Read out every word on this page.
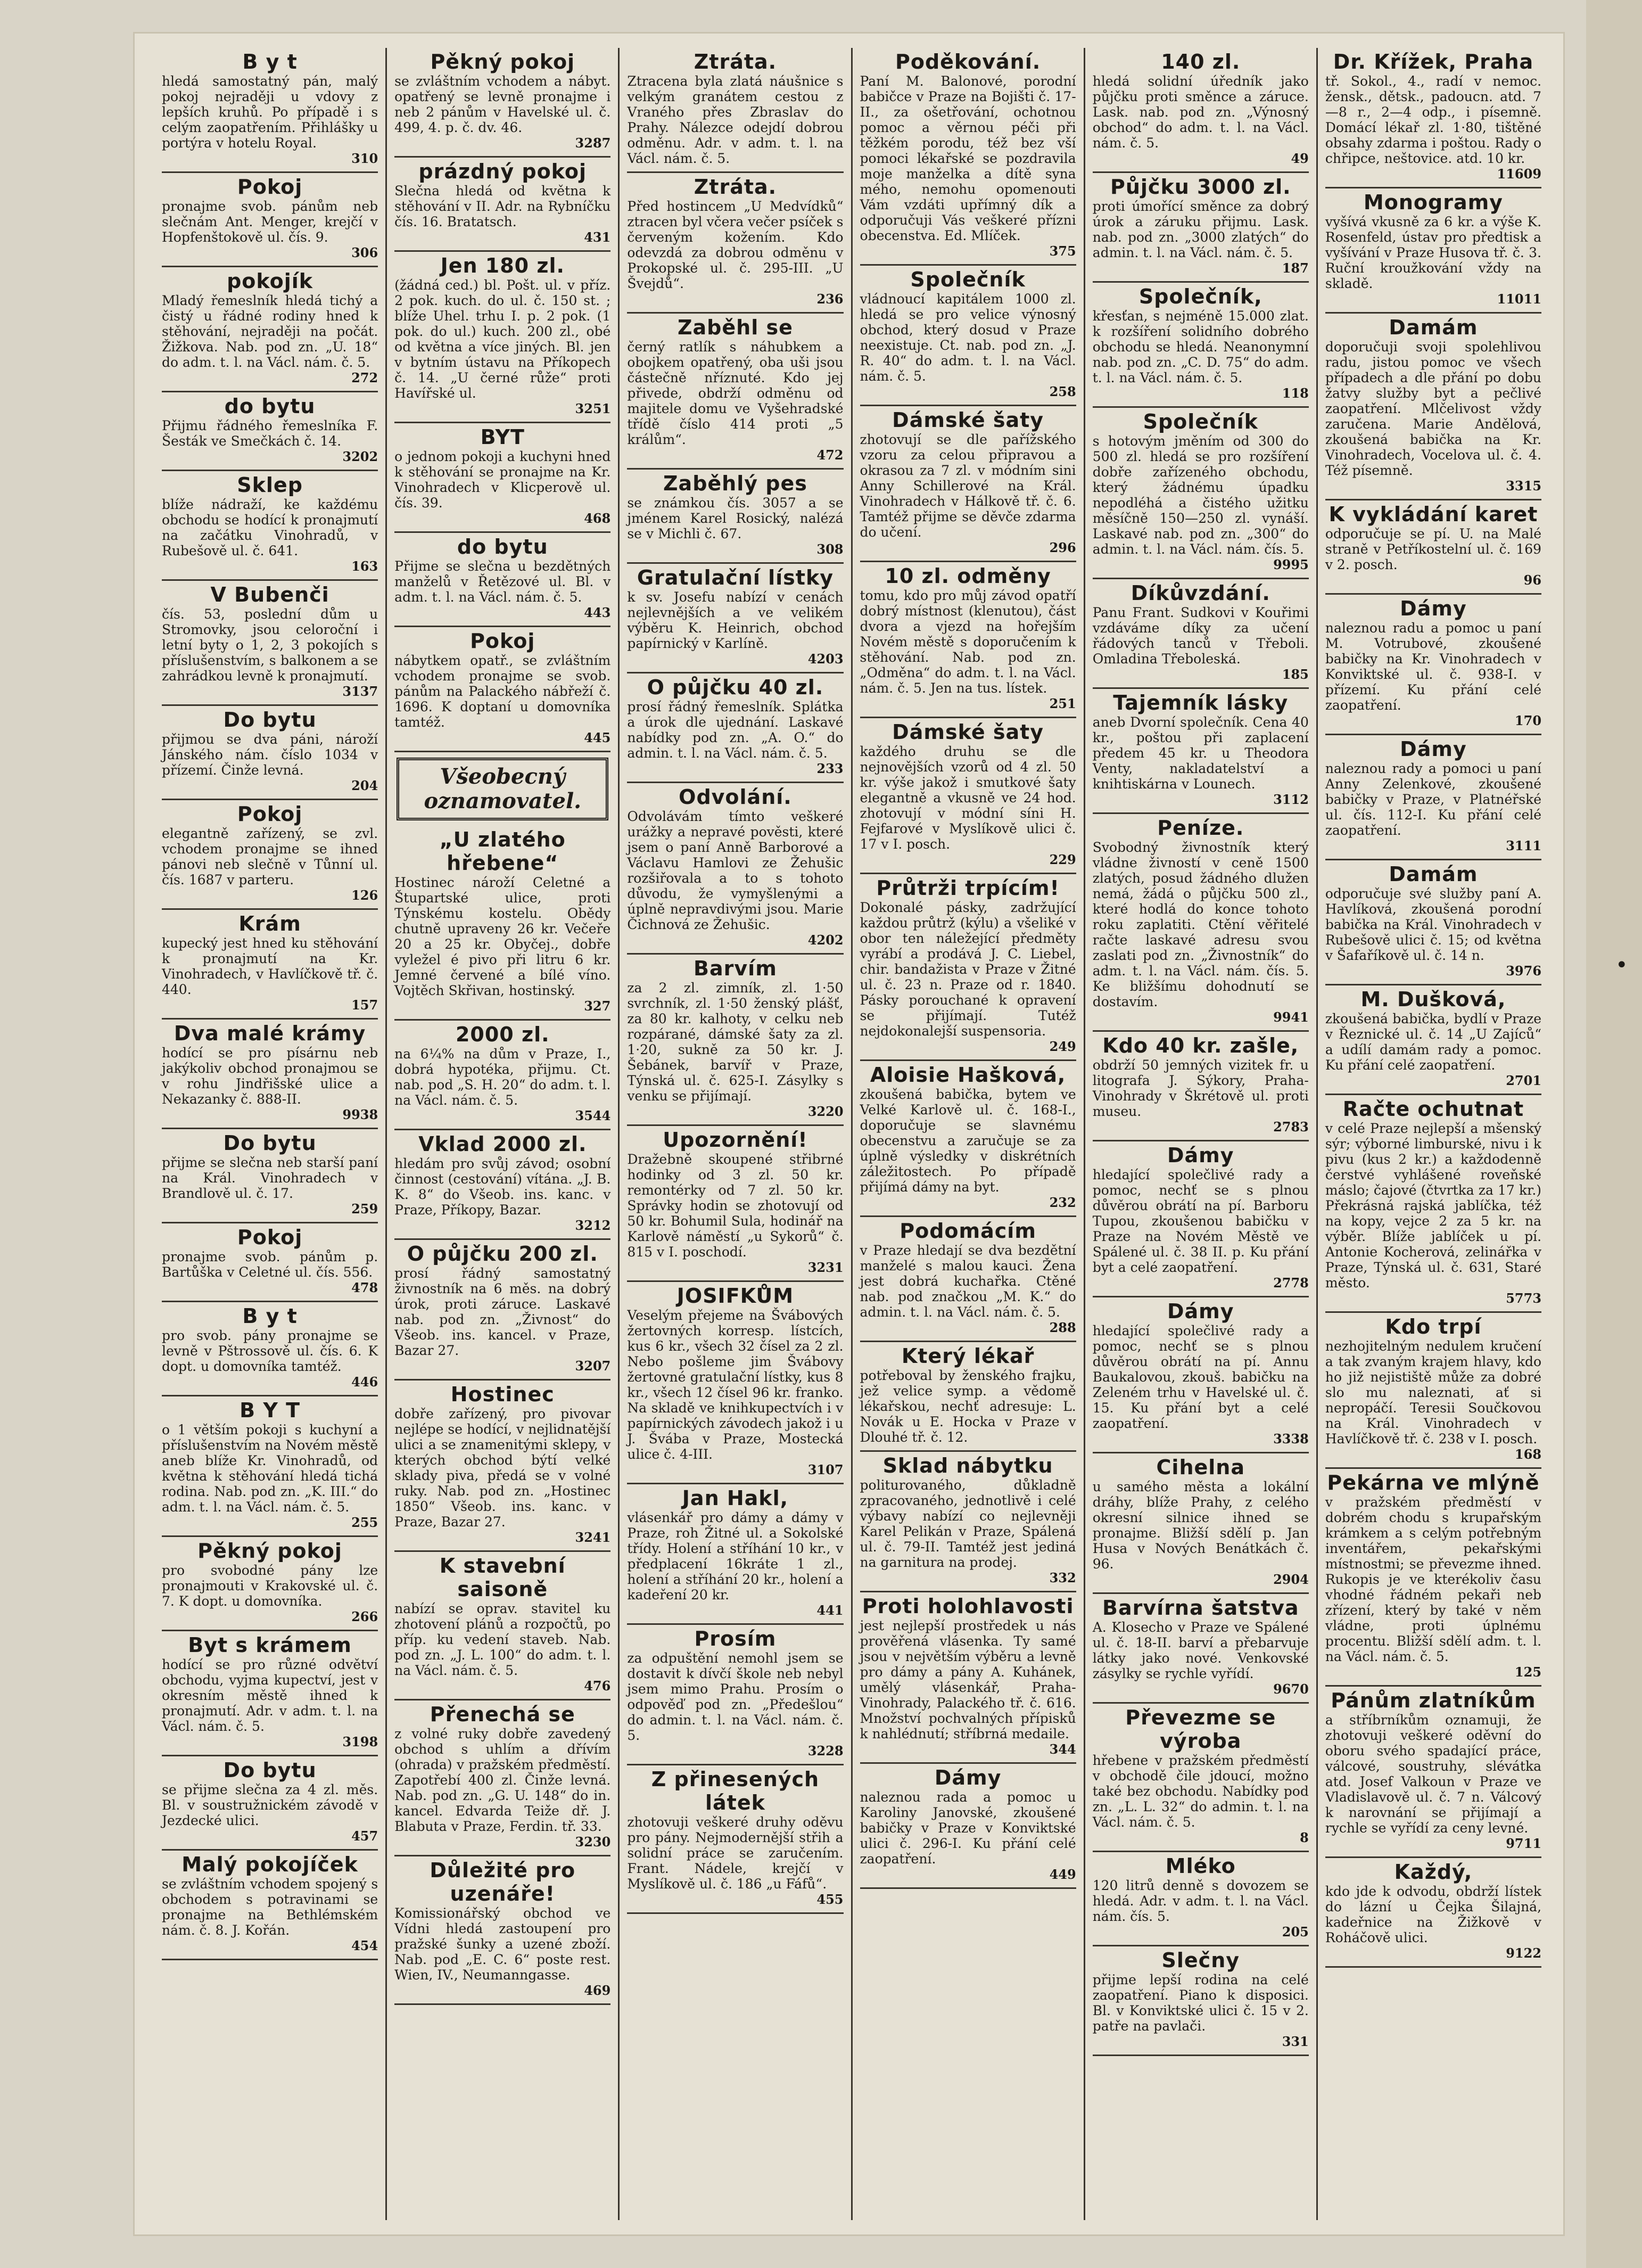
B y t

hledá samostatný pán, malý pokoj nejraději u vdovy z lepších kruhů. Po případě i s celým zaopatřením. Přihlášky u portýra v hotelu Royal.

310
Pokoj

pronajme svob. pánům neb slečnám Ant. Menger, krejčí v Hopfenštokově ul. čís. 9.

306
pokojík

Mladý řemeslník hledá tichý a čistý u řádné rodiny hned k stěhování, nejraději na počát. Žižkova. Nab. pod zn. „U. 18“ do adm. t. l. na Václ. nám. č. 5.

272
do bytu

Přijmu řádného řemeslníka F. Šesták ve Smečkách č. 14.

3202
Sklep

blíže nádraží, ke každému obchodu se hodící k pronajmutí na začátku Vinohradů, v Rubešově ul. č. 641.

163
V Bubenči

čís. 53, poslední dům u Stromovky, jsou celoroční i letní byty o 1, 2, 3 pokojích s příslušenstvím, s balkonem a se zahrádkou levně k pronajmutí.

3137
Do bytu

přijmou se dva páni, nároží Jánského nám. číslo 1034 v přízemí. Činže levná.

204
Pokoj

elegantně zařízený, se zvl. vchodem pronajme se ihned pánovi neb slečně v Tůnní ul. čís. 1687 v parteru.

126
Krám

kupecký jest hned ku stěhování k pronajmutí na Kr. Vinohradech, v Havlíčkově tř. č. 440.

157
Dva malé krámy

hodící se pro písárnu neb jakýkoliv obchod pronajmou se v rohu Jindřišské ulice a Nekazanky č. 888-II.

9938
Do bytu

přijme se slečna neb starší paní na Král. Vinohradech v Brandlově ul. č. 17.

259
Pokoj

pronajme svob. pánům p. Bartůška v Celetné ul. čís. 556.

478
B y t

pro svob. pány pronajme se levně v Pštrossově ul. čís. 6. K dopt. u domovníka tamtéž.

446
B Y T

o 1 větším pokoji s kuchyní a příslušenstvím na Novém městě aneb blíže Kr. Vinohradů, od května k stěhování hledá tichá rodina. Nab. pod zn. „K. III.“ do adm. t. l. na Václ. nám. č. 5.

255
Pěkný pokoj

pro svobodné pány lze pronajmouti v Krakovské ul. č. 7. K dopt. u domovníka.

266
Byt s krámem

hodící se pro různé odvětví obchodu, vyjma kupectví, jest v okresním městě ihned k pronajmutí. Adr. v adm. t. l. na Václ. nám. č. 5.

3198
Do bytu

se přijme slečna za 4 zl. měs. Bl. v soustružnickém závodě v Jezdecké ulici.

457
Malý pokojíček

se zvláštním vchodem spojený s obchodem s potravinami se pronajme na Bethlémském nám. č. 8. J. Kořán.

454
Pěkný pokoj

se zvláštním vchodem a nábyt. opatřený se levně pronajme i neb 2 pánům v Havelské ul. č. 499, 4. p. č. dv. 46.

3287
prázdný pokoj

Slečna hledá od května k stěhování v II. Adr. na Rybníčku čís. 16. Bratatsch.

431
Jen 180 zl.

(žádná ced.) bl. Pošt. ul. v příz. 2 pok. kuch. do ul. č. 150 st. ; blíže Uhel. trhu I. p. 2 pok. (1 pok. do ul.) kuch. 200 zl., obé od května a více jiných. Bl. jen v bytním ústavu na Příkopech č. 14. „U černé růže“ proti Havířské ul.

3251
BYT

o jednom pokoji a kuchyni hned k stěhování se pronajme na Kr. Vinohradech v Klicperově ul. čís. 39.

468
do bytu

Přijme se slečna u bezdětných manželů v Řetězové ul. Bl. v adm. t. l. na Václ. nám. č. 5.

443
Pokoj

nábytkem opatř., se zvláštním vchodem pronajme se svob. pánům na Palackého nábřeží č. 1696. K doptaní u domovníka tamtéž.

445
Všeobecný oznamovatel.
„U zlatého hřebene“

Hostinec nároží Celetné a Štupartské ulice, proti Týnskému kostelu. Obědy chutně upraveny 26 kr. Večeře 20 a 25 kr. Obyčej., dobře vyležel é pivo při litru 6 kr. Jemné červené a bílé víno. Vojtěch Skřivan, hostinský.

327
2000 zl.

na 6¼% na dům v Praze, I., dobrá hypotéka, přijmu. Ct. nab. pod „S. H. 20“ do adm. t. l. na Václ. nám. č. 5.

3544
Vklad 2000 zl.

hledám pro svůj závod; osobní činnost (cestování) vítána. „J. B. K. 8“ do Všeob. ins. kanc. v Praze, Příkopy, Bazar.

3212
O půjčku 200 zl.

prosí řádný samostatný živnostník na 6 měs. na dobrý úrok, proti záruce. Laskavé nab. pod zn. „Živnost“ do Všeob. ins. kancel. v Praze, Bazar 27.

3207
Hostinec

dobře zařízený, pro pivovar nejlépe se hodící, v nejlidnatější ulici a se znamenitými sklepy, v kterých obchod býtí velké sklady piva, předá se v volné ruky. Nab. pod zn. „Hostinec 1850“ Všeob. ins. kanc. v Praze, Bazar 27.

3241
K stavební saisoně

nabízí se oprav. stavitel ku zhotovení plánů a rozpočtů, po příp. ku vedení staveb. Nab. pod zn. „J. L. 100“ do adm. t. l. na Václ. nám. č. 5.

476
Přenechá se

z volné ruky dobře zavedený obchod s uhlím a dřívím (ohrada) v pražském předměstí. Zapotřebí 400 zl. Činže levná. Nab. pod zn. „G. U. 148“ do in. kancel. Edvarda Teiže dř. J. Blabuta v Praze, Ferdin. tř. 33.

3230
Důležité pro uzenáře!

Komissionářský obchod ve Vídni hledá zastoupení pro pražské šunky a uzené zboží. Nab. pod „E. C. 6“ poste rest. Wien, IV., Neumanngasse.

469
Ztráta.

Ztracena byla zlatá náušnice s velkým granátem cestou z Vraného přes Zbraslav do Prahy. Nálezce odejdí dobrou odměnu. Adr. v adm. t. l. na Václ. nám. č. 5.

Ztráta.

Před hostincem „U Medvídků“ ztracen byl včera večer psíček s červeným kožením. Kdo odevzdá za dobrou odměnu v Prokopské ul. č. 295-III. „U Švejdů“.

236
Zaběhl se

černý ratlík s náhubkem a obojkem opatřený, oba uši jsou částečně nříznuté. Kdo jej přivede, obdrží odměnu od majitele domu ve Vyšehradské třídě číslo 414 proti „5 králům“.

472
Zaběhlý pes

se známkou čís. 3057 a se jménem Karel Rosický, nalézá se v Michli č. 67.

308
Gratulační lístky

k sv. Josefu nabízí v cenách nejlevnějších a ve velikém výběru K. Heinrich, obchod papírnický v Karlíně.

4203
O půjčku 40 zl.

prosí řádný řemeslník. Splátka a úrok dle ujednání. Laskavé nabídky pod zn. „A. O.“ do admin. t. l. na Václ. nám. č. 5.

233
Odvolání.

Odvolávám tímto veškeré urážky a nepravé pověsti, které jsem o paní Anně Barborové a Václavu Hamlovi ze Žehušic rozšiřovala a to s tohoto důvodu, že vymyšlenými a úplně nepravdivými jsou. Marie Čichnová ze Žehušic.

4202
Barvím

za 2 zl. zimník, zl. 1·50 svrchník, zl. 1·50 ženský plášť, za 80 kr. kalhoty, v celku neb rozpárané, dámské šaty za zl. 1·20, sukně za 50 kr. J. Šebánek, barvíř v Praze, Týnská ul. č. 625-I. Zásylky s venku se přijímají.

3220
Upozornění!

Dražebně skoupené střibrné hodinky od 3 zl. 50 kr. remontérky od 7 zl. 50 kr. Správky hodin se zhotovují od 50 kr. Bohumil Sula, hodinář na Karlově náměstí „u Sykorů“ č. 815 v I. poschodí.

3231
JOSIFKŮM

Veselým přejeme na Švábových žertovných korresp. lístcích, kus 6 kr., všech 32 čísel za 2 zl. Nebo pošleme jim Švábovy žertovné gratulační lístky, kus 8 kr., všech 12 čísel 96 kr. franko. Na skladě ve knihkupectvích i v papírnických závodech jakož i u J. Švába v Praze, Mostecká ulice č. 4-III.

3107
Jan Hakl,

vlásenkář pro dámy a dámy v Praze, roh Žitné ul. a Sokolské třídy. Holení a stříhání 10 kr., v předplacení 16kráte 1 zl., holení a stříhání 20 kr., holení a kadeření 20 kr.

441
Prosím

za odpuštění nemohl jsem se dostavit k dívčí škole neb nebyl jsem mimo Prahu. Prosím o odpověď pod zn. „Předešlou“ do admin. t. l. na Václ. nám. č. 5.

3228
Z přinesených látek

zhotovuji veškeré druhy oděvu pro pány. Nejmodernější střih a solidní práce se zaručením. Frant. Nádele, krejčí v Myslíkově ul. č. 186 „u Fáfů“.

455
Poděkování.

Paní M. Balonové, porodní babičce v Praze na Bojišti č. 17-II., za ošetřování, ochotnou pomoc a věrnou péči při těžkém porodu, též bez vší pomoci lékařské se pozdravila moje manželka a dítě syna mého, nemohu opomenouti Vám vzdáti upřímný dík a odporučuji Vás veškeré přízni obecenstva. Ed. Mlíček.

375
Společník

vládnoucí kapitálem 1000 zl. hledá se pro velice výnosný obchod, který dosud v Praze neexistuje. Ct. nab. pod zn. „J. R. 40“ do adm. t. l. na Václ. nám. č. 5.

258
Dámské šaty

zhotovují se dle pařížského vzoru za celou připravou a okrasou za 7 zl. v módním sini Anny Schillerové na Král. Vinohradech v Hálkově tř. č. 6. Tamtéž přijme se děvče zdarma do učení.

296
10 zl. odměny

tomu, kdo pro můj závod opatří dobrý místnost (klenutou), část dvora a vjezd na hořejším Novém městě s doporučením k stěhování. Nab. pod zn. „Odměna“ do adm. t. l. na Václ. nám. č. 5. Jen na tus. lístek.

251
Dámské šaty

každého druhu se dle nejnovějších vzorů od 4 zl. 50 kr. výše jakož i smutkové šaty elegantně a vkusně ve 24 hod. zhotovují v módní síni H. Fejfarové v Myslíkově ulici č. 17 v I. posch.

229
Průtrži trpícím!

Dokonalé pásky, zadržující každou průtrž (kýlu) a všeliké v obor ten náležející předměty vyrábí a prodává J. C. Liebel, chir. bandažista v Praze v Žitné ul. č. 23 n. Praze od r. 1840. Pásky porouchané k opravení se přijímají. Tutéž nejdokonalejší suspensoria.

249
Aloisie Hašková,

zkoušená babička, bytem ve Velké Karlově ul. č. 168-I., doporučuje se slavnému obecenstvu a zaručuje se za úplně výsledky v diskrétních záležitostech. Po případě přijímá dámy na byt.

232
Podomácím

v Praze hledají se dva bezdětní manželé s malou kauci. Žena jest dobrá kuchařka. Ctěné nab. pod značkou „M. K.“ do admin. t. l. na Václ. nám. č. 5.

288
Který lékař

potřeboval by ženského frajku, jež velice symp. a vědomě lékařskou, nechť adresuje: L. Novák u E. Hocka v Praze v Dlouhé tř. č. 12.

Sklad nábytku

politurovaného, důkladně zpracovaného, jednotlivě i celé výbavy nabízí co nejlevněji Karel Pelikán v Praze, Spálená ul. č. 79-II. Tamtéž jest jediná na garnitura na prodej.

332
Proti holohlavosti

jest nejlepší prostředek u nás prověřená vlásenka. Ty samé jsou v největším výběru a levně pro dámy a pány A. Kuhánek, umělý vlásenkář, Praha-Vinohrady, Palackého tř. č. 616. Množství pochvalných přípisků k nahlédnutí; stříbrná medaile.

344
Dámy

naleznou rada a pomoc u Karoliny Janovské, zkoušené babičky v Praze v Konviktské ulici č. 296-I. Ku přání celé zaopatření.

449
140 zl.

hledá solidní úředník jako půjčku proti směnce a záruce. Lask. nab. pod zn. „Výnosný obchod“ do adm. t. l. na Václ. nám. č. 5.

49
Půjčku 3000 zl.

proti úmořící směnce za dobrý úrok a záruku přijmu. Lask. nab. pod zn. „3000 zlatých“ do admin. t. l. na Václ. nám. č. 5.

187
Společník,

křesťan, s nejméně 15.000 zlat. k rozšíření solidního dobrého obchodu se hledá. Neanonymní nab. pod zn. „C. D. 75“ do adm. t. l. na Václ. nám. č. 5.

118
Společník

s hotovým jměním od 300 do 500 zl. hledá se pro rozšíření dobře zařízeného obchodu, který žádnému úpadku nepodléhá a čistého užitku měsíčně 150—250 zl. vynáší. Laskavé nab. pod zn. „300“ do admin. t. l. na Václ. nám. čís. 5.

9995
Díkůvzdání.

Panu Frant. Sudkovi v Kouřimi vzdáváme díky za učení řádových tanců v Třeboli. Omladina Třeboleská.

185
Tajemník lásky

aneb Dvorní společník. Cena 40 kr., poštou při zaplacení předem 45 kr. u Theodora Venty, nakladatelství a knihtiskárna v Lounech.

3112
Peníze.

Svobodný živnostník který vládne živností v ceně 1500 zlatých, posud žádného dlužen nemá, žádá o půjčku 500 zl., které hodlá do konce tohoto roku zaplatiti. Ctění věřitelé račte laskavé adresu svou zaslati pod zn. „Živnostník“ do adm. t. l. na Václ. nám. čís. 5. Ke bližšímu dohodnutí se dostavím.

9941
Kdo 40 kr. zašle,

obdrží 50 jemných vizitek fr. u litografa J. Sýkory, Praha-Vinohrady v Škrétově ul. proti museu.

2783
Dámy

hledající společlivé rady a pomoc, nechť se s plnou důvěrou obrátí na pí. Barboru Tupou, zkoušenou babičku v Praze na Novém Městě ve Spálené ul. č. 38 II. p. Ku přání byt a celé zaopatření.

2778
Dámy

hledající společlivé rady a pomoc, nechť se s plnou důvěrou obrátí na pí. Annu Baukalovou, zkouš. babičku na Zeleném trhu v Havelské ul. č. 15. Ku přání byt a celé zaopatření.

3338
Cihelna

u samého města a lokální dráhy, blíže Prahy, z celého okresní silnice ihned se pronajme. Bližší sdělí p. Jan Husa v Nových Benátkách č. 96.

2904
Barvírna šatstva

A. Klosecho v Praze ve Spálené ul. č. 18-II. barví a přebarvuje látky jako nové. Venkovské zásylky se rychle vyřídí.

9670
Převezme se výroba

hřebene v pražském předměstí v obchodě čile jdoucí, možno také bez obchodu. Nabídky pod zn. „L. L. 32“ do admin. t. l. na Václ. nám. č. 5.

8
Mléko

120 litrů denně s dovozem se hledá. Adr. v adm. t. l. na Václ. nám. čís. 5.

205
Slečny

přijme lepší rodina na celé zaopatření. Piano k disposici. Bl. v Konviktské ulici č. 15 v 2. patře na pavlači.

331
Dr. Křížek, Praha

tř. Sokol., 4., radí v nemoc. žensk., dětsk., padoucn. atd. 7—8 r., 2—4 odp., i písemně. Domácí lékař zl. 1·80, tištěné obsahy zdarma i poštou. Rady o chřipce, neštovice. atd. 10 kr.

11609
Monogramy

vyšívá vkusně za 6 kr. a výše K. Rosenfeld, ústav pro předtisk a vyšívání v Praze Husova tř. č. 3. Ruční kroužkování vždy na skladě.

11011
Damám

doporučuji svoji spolehlivou radu, jistou pomoc ve všech případech a dle přání po dobu žatvy služby byt a pečlivé zaopatření. Mlčelivost vždy zaručena. Marie Andělová, zkoušená babička na Kr. Vinohradech, Vocelova ul. č. 4. Též písemně.

3315
K vykládání karet

odporučuje se pí. U. na Malé straně v Petříkostelní ul. č. 169 v 2. posch.

96
Dámy

naleznou radu a pomoc u paní M. Votrubové, zkoušené babičky na Kr. Vinohradech v Konviktské ul. č. 938-I. v přízemí. Ku přání celé zaopatření.

170
Dámy

naleznou rady a pomoci u paní Anny Zelenkové, zkoušené babičky v Praze, v Platnéřské ul. čís. 112-I. Ku přání celé zaopatření.

3111
Damám

odporučuje své služby paní A. Havlíková, zkoušená porodní babička na Král. Vinohradech v Rubešově ulici č. 15; od května v Šafaříkově ul. č. 14 n.

3976
M. Dušková,

zkoušená babička, bydlí v Praze v Řeznické ul. č. 14 „U Zajíců“ a udílí damám rady a pomoc. Ku přání celé zaopatření.

2701
Račte ochutnat

v celé Praze nejlepší a mšenský sýr; výborné limburské, nivu i k pivu (kus 2 kr.) a každodenně čerstvé vyhlášené roveňské máslo; čajové (čtvrtka za 17 kr.) Překrásná rajská jablíčka, též na kopy, vejce 2 za 5 kr. na výběr. Blíže jablíček u pí. Antonie Kocherová, zelinářka v Praze, Týnská ul. č. 631, Staré město.

5773
Kdo trpí

nezhojitelným nedulem kručení a tak zvaným krajem hlavy, kdo ho již nejistiště může za dobré slo mu naleznati, ať si nepropáčí. Teresii Součkovou na Král. Vinohradech v Havlíčkově tř. č. 238 v I. posch.

168
Pekárna ve mlýně

v pražském předměstí v dobrém chodu s krupařským krámkem a s celým potřebným inventářem, pekařskými místnostmi; se převezme ihned. Rukopis je ve kterékoliv času vhodné řádném pekaři neb zřízení, který by také v něm vládne, proti úplnému procentu. Bližší sdělí adm. t. l. na Václ. nám. č. 5.

125
Pánům zlatníkům

a stříbrníkům oznamuji, že zhotovuji veškeré oděvní do oboru svého spadající práce, válcové, soustruhy, slévátka atd. Josef Valkoun v Praze ve Vladislavově ul. č. 7 n. Válcový k narovnání se přijímají a rychle se vyřídí za ceny levné.

9711
Každý,

kdo jde k odvodu, obdrží lístek do lázní u Čejka Šilajná, kadeřnice na Žižkově v Roháčově ulici.

9122
•
